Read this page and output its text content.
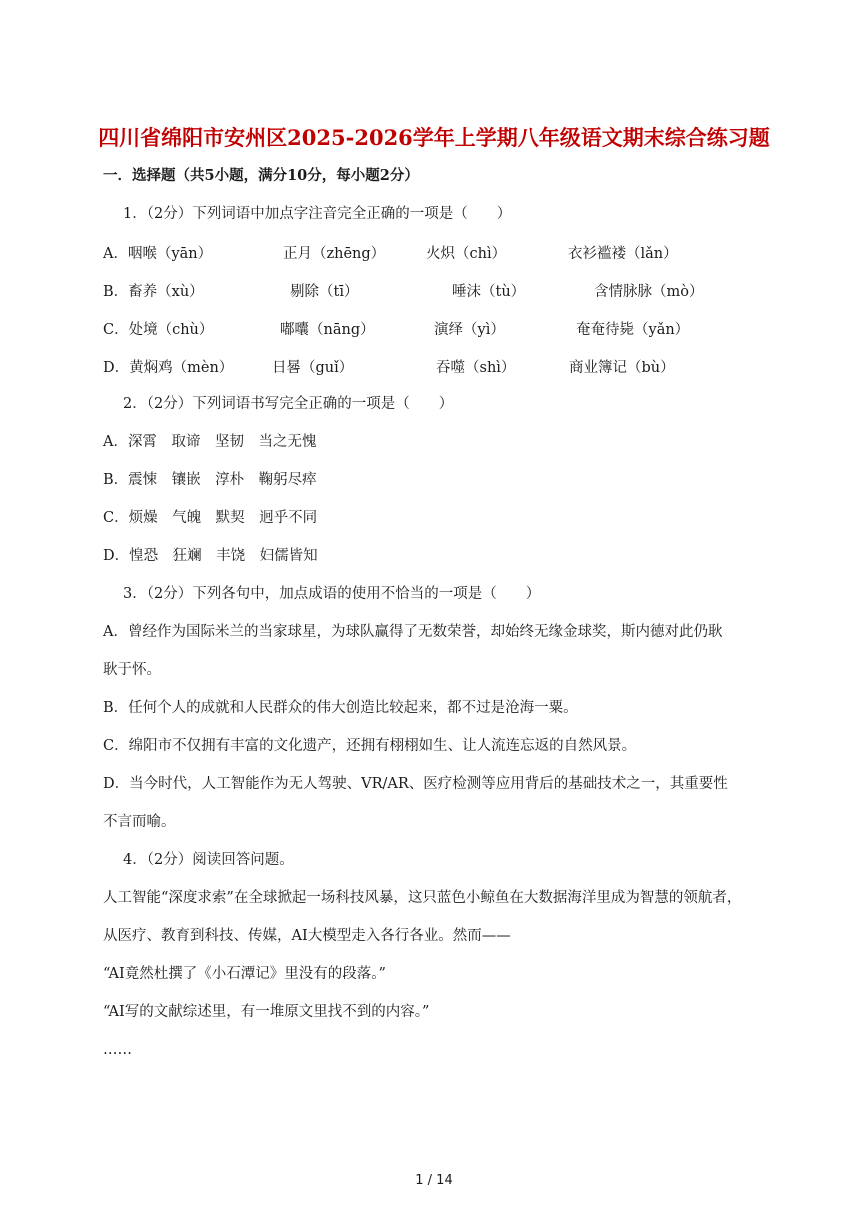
四川省绵阳市安州区2025-2026学年上学期八年级语文期末综合练习题
一．选择题（共5小题，满分10分，每小题2分）
1．（2分）下列词语中加点字注音完全正确的一项是（　　）
A．咽喉（yān）	正月（zhēng）	火炽（chì）	衣衫褴褛（lǎn）
B．畜养（xù）	剔除（tī）	唾沫（tù）	含情脉脉（mò）
C．处境（chù）	嘟囔（nāng）	演绎（yì）	奄奄待毙（yǎn）
D．黄焖鸡（mèn）	日晷（guǐ）	吞噬（shì）	商业簿记（bù）
2．（2分）下列词语书写完全正确的一项是（　　）
A．深霄　取谛　坚韧　当之无愧
B．震悚　镶嵌　淳朴　鞠躬尽瘁
C．烦燥　气魄　默契　迥乎不同
D．惶恐　狂斓　丰饶　妇儒皆知
3．（2分）下列各句中，加点成语的使用不恰当的一项是（　　）
A．曾经作为国际米兰的当家球星，为球队赢得了无数荣誉，却始终无缘金球奖，斯内德对此仍耿
耿于怀。
B．任何个人的成就和人民群众的伟大创造比较起来，都不过是沧海一粟。
C．绵阳市不仅拥有丰富的文化遗产，还拥有栩栩如生、让人流连忘返的自然风景。
D．当今时代，人工智能作为无人驾驶、VR/AR、医疗检测等应用背后的基础技术之一，其重要性
不言而喻。
4．（2分）阅读回答问题。
人工智能“深度求索”在全球掀起一场科技风暴，这只蓝色小鲸鱼在大数据海洋里成为智慧的领航者，
从医疗、教育到科技、传媒，AI大模型走入各行各业。然而——
“AI竟然杜撰了《小石潭记》里没有的段落。”
“AI写的文献综述里，有一堆原文里找不到的内容。”
……
1 / 14
